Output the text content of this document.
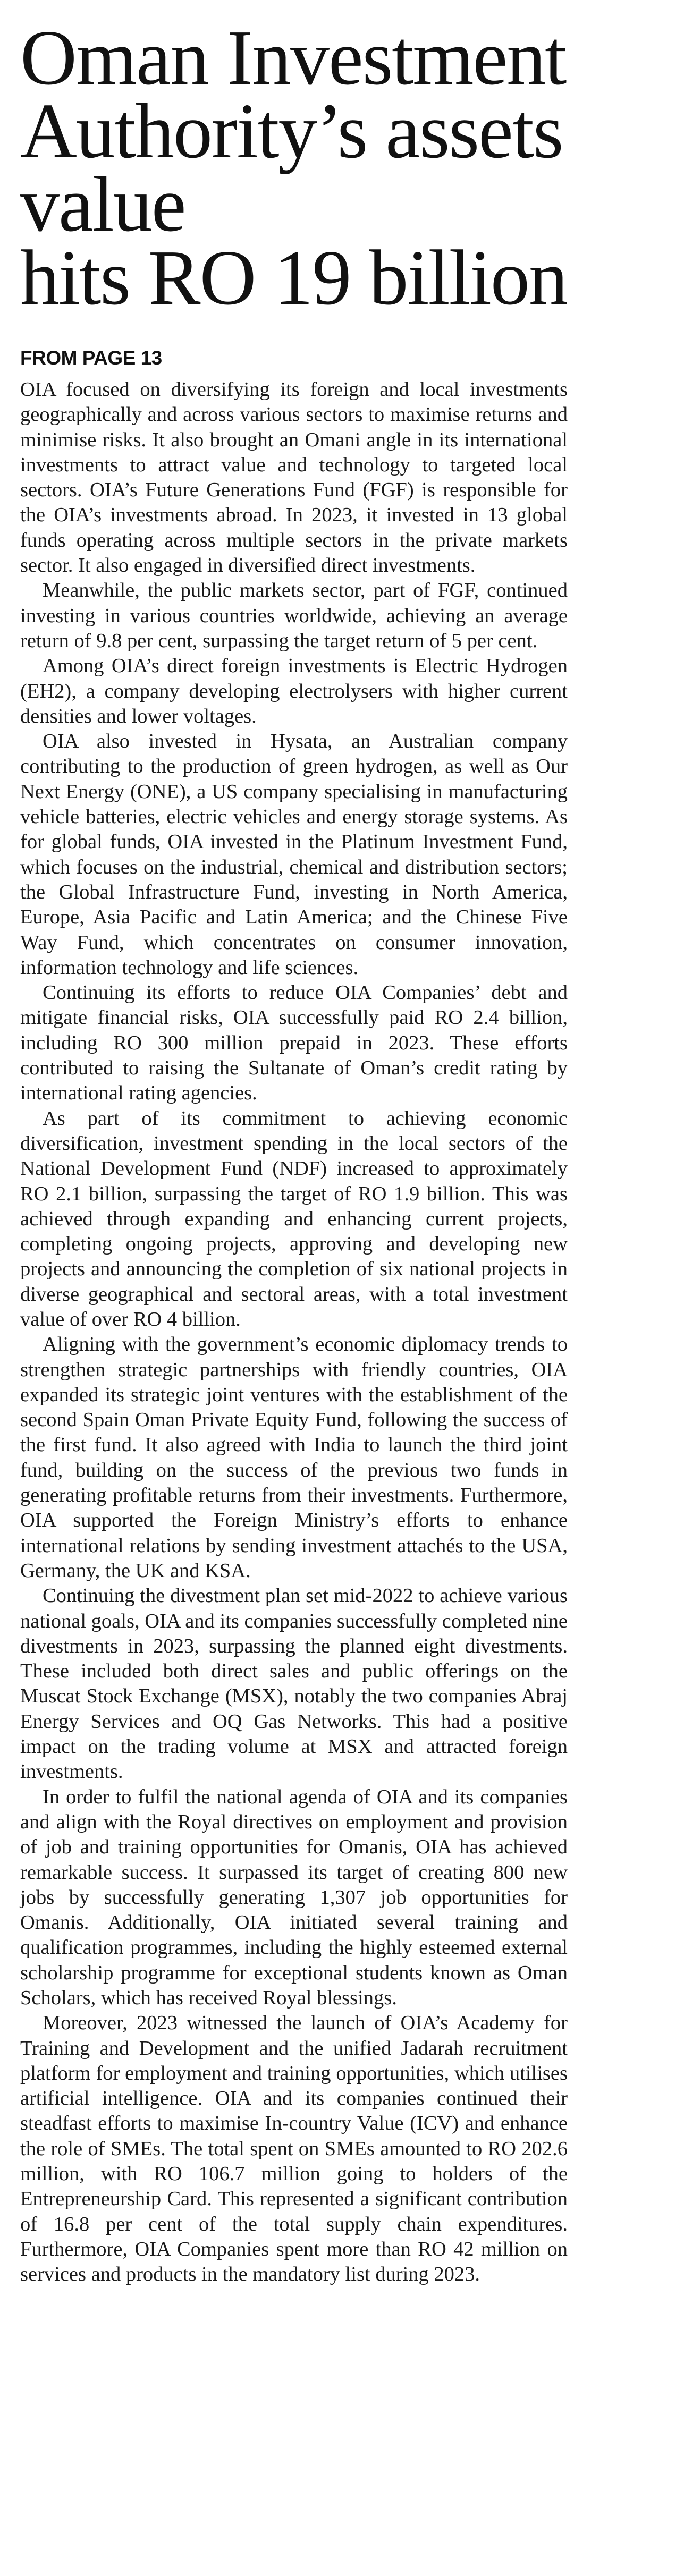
Oman Investment
Authority’s assets value
hits RO 19 billion
FROM PAGE 13

OIA focused on diversifying its foreign and local investments geographically and across various sectors to maximise returns and minimise risks. It also brought an Omani angle in its international investments to attract value and technology to targeted local sectors. OIA’s Future Generations Fund (FGF) is responsible for the OIA’s investments abroad. In 2023, it invested in 13 global funds operating across multiple sectors in the private markets sector. It also engaged in diversified direct investments.

Meanwhile, the public markets sector, part of FGF, continued investing in various countries worldwide, achieving an average return of 9.8 per cent, surpassing the target return of 5 per cent.

Among OIA’s direct foreign investments is Electric Hydrogen (EH2), a company developing electrolysers with higher current densities and lower voltages.

OIA also invested in Hysata, an Australian company contributing to the production of green hydrogen, as well as Our Next Energy (ONE), a US company specialising in manufacturing vehicle batteries, electric vehicles and energy storage systems. As for global funds, OIA invested in the Platinum Investment Fund, which focuses on the industrial, chemical and distribution sectors; the Global Infrastructure Fund, investing in North America, Europe, Asia Pacific and Latin America; and the Chinese Five Way Fund, which concentrates on consumer innovation, information technology and life sciences.

Continuing its efforts to reduce OIA Companies’ debt and mitigate financial risks, OIA successfully paid RO 2.4 billion, including RO 300 million prepaid in 2023. These efforts contributed to raising the Sultanate of Oman’s credit rating by international rating agencies.

As part of its commitment to achieving economic diversification, investment spending in the local sectors of the National Development Fund (NDF) increased to approximately RO 2.1 billion, surpassing the target of RO 1.9 billion. This was achieved through expanding and enhancing current projects, completing ongoing projects, approving and developing new projects and announcing the completion of six national projects in diverse geographical and sectoral areas, with a total investment value of over RO 4 billion.

Aligning with the government’s economic diplomacy trends to strengthen strategic partnerships with friendly countries, OIA expanded its strategic joint ventures with the establishment of the second Spain Oman Private Equity Fund, following the success of the first fund. It also agreed with India to launch the third joint fund, building on the success of the previous two funds in generating profitable returns from their investments. Furthermore, OIA supported the Foreign Ministry’s efforts to enhance international relations by sending investment attachés to the USA, Germany, the UK and KSA.

Continuing the divestment plan set mid-2022 to achieve various national goals, OIA and its companies successfully completed nine divestments in 2023, surpassing the planned eight divestments. These included both direct sales and public offerings on the Muscat Stock Exchange (MSX), notably the two companies Abraj Energy Services and OQ Gas Networks. This had a positive impact on the trading volume at MSX and attracted foreign investments.

In order to fulfil the national agenda of OIA and its companies and align with the Royal directives on employment and provision of job and training opportunities for Omanis, OIA has achieved remarkable success. It surpassed its target of creating 800 new jobs by successfully generating 1,307 job opportunities for Omanis. Additionally, OIA initiated several training and qualification programmes, including the highly esteemed external scholarship programme for exceptional students known as Oman Scholars, which has received Royal blessings.

Moreover, 2023 witnessed the launch of OIA’s Academy for Training and Development and the unified Jadarah recruitment platform for employment and training opportunities, which utilises artificial intelligence. OIA and its companies continued their steadfast efforts to maximise In-country Value (ICV) and enhance the role of SMEs. The total spent on SMEs amounted to RO 202.6 million, with RO 106.7 million going to holders of the Entrepreneurship Card. This represented a significant contribution of 16.8 per cent of the total supply chain expenditures. Furthermore, OIA Companies spent more than RO 42 million on services and products in the mandatory list during 2023.
